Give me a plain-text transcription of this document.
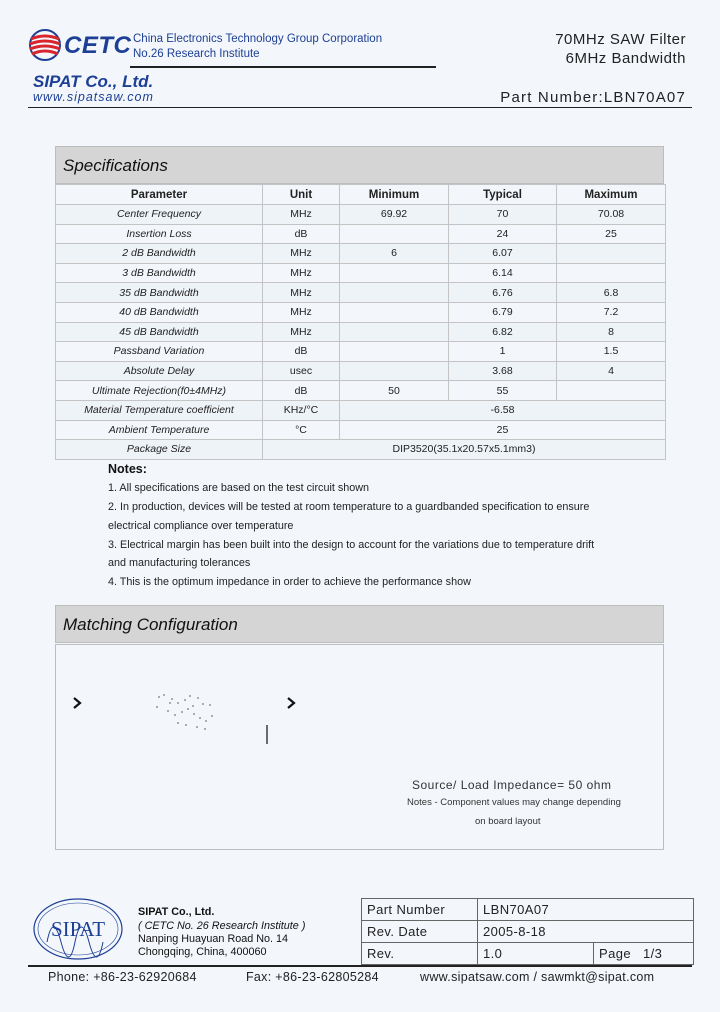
CETC China Electronics Technology Group Corporation
No.26 Research Institute
SIPAT Co., Ltd.
www.sipatsaw.com
70MHz SAW Filter
6MHz Bandwidth
Part Number:LBN70A07
Specifications
Parameter	Unit	Minimum	Typical	Maximum
Center Frequency	MHz	69.92	70	70.08
Insertion Loss	dB		24	25
2 dB Bandwidth	MHz	6	6.07	
3 dB Bandwidth	MHz		6.14	
35 dB Bandwidth	MHz		6.76	6.8
40 dB Bandwidth	MHz		6.79	7.2
45 dB Bandwidth	MHz		6.82	8
Passband Variation	dB		1	1.5
Absolute Delay	usec		3.68	4
Ultimate Rejection(f0±4MHz)	dB	50	55	
Material Temperature coefficient	KHz/°C	-6.58		
Ambient Temperature	°C	25		
Package Size	DIP3520(35.1x20.57x5.1mm3)			
Notes:
1. All specifications are based on the test circuit shown
2. In production, devices will be tested at room temperature to a guardbanded specification to ensure
electrical compliance over temperature
3. Electrical margin has been built into the design to account for the variations due to temperature drift
and manufacturing tolerances
4. This is the optimum impedance in order to achieve the performance show
Matching Configuration
Source/ Load Impedance= 50 ohm
Notes - Component values may change depending
on board layout
SIPAT
SIPAT Co., Ltd.
( CETC No. 26 Research Institute )
Nanping Huayuan Road No. 14
Chongqing, China, 400060
Part Number	LBN70A07	
Rev. Date	2005-8-18	
Rev.	1.0	Page 1/3
Phone: +86-23-62920684	Fax: +86-23-62805284	www.sipatsaw.com / sawmkt@sipat.com
